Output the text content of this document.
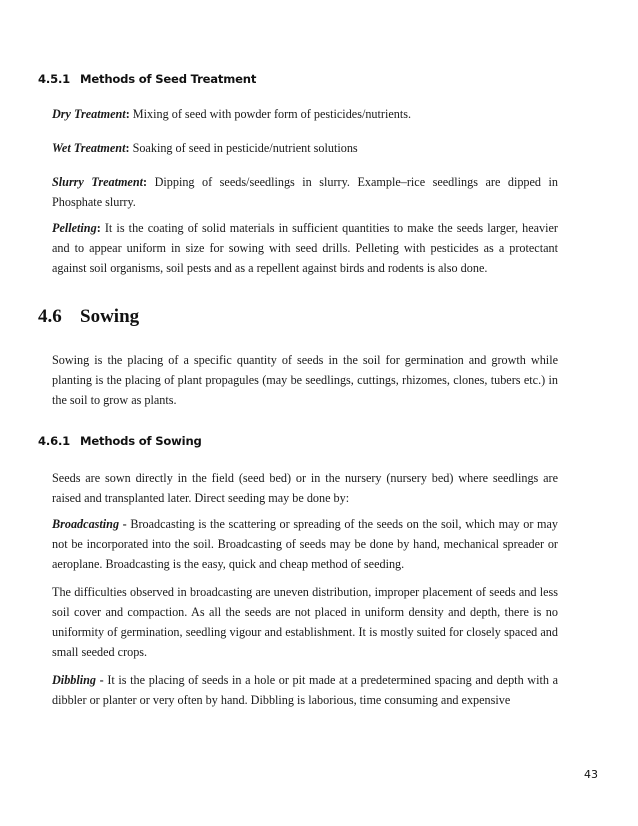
4.5.1 Methods of Seed Treatment
Dry Treatment: Mixing of seed with powder form of pesticides/nutrients.
Wet Treatment: Soaking of seed in pesticide/nutrient solutions
Slurry Treatment: Dipping of seeds/seedlings in slurry. Example–rice seedlings are dipped in Phosphate slurry.
Pelleting: It is the coating of solid materials in sufficient quantities to make the seeds larger, heavier and to appear uniform in size for sowing with seed drills. Pelleting with pesticides as a protectant against soil organisms, soil pests and as a repellent against birds and rodents is also done.
4.6 Sowing
Sowing is the placing of a specific quantity of seeds in the soil for germination and growth while planting is the placing of plant propagules (may be seedlings, cuttings, rhizomes, clones, tubers etc.) in the soil to grow as plants.
4.6.1 Methods of Sowing
Seeds are sown directly in the field (seed bed) or in the nursery (nursery bed) where seedlings are raised and transplanted later. Direct seeding may be done by:
Broadcasting - Broadcasting is the scattering or spreading of the seeds on the soil, which may or may not be incorporated into the soil. Broadcasting of seeds may be done by hand, mechanical spreader or aeroplane. Broadcasting is the easy, quick and cheap method of seeding.
The difficulties observed in broadcasting are uneven distribution, improper placement of seeds and less soil cover and compaction. As all the seeds are not placed in uniform density and depth, there is no uniformity of germination, seedling vigour and establishment. It is mostly suited for closely spaced and small seeded crops.
Dibbling - It is the placing of seeds in a hole or pit made at a predetermined spacing and depth with a dibbler or planter or very often by hand. Dibbling is laborious, time consuming and expensive
43
